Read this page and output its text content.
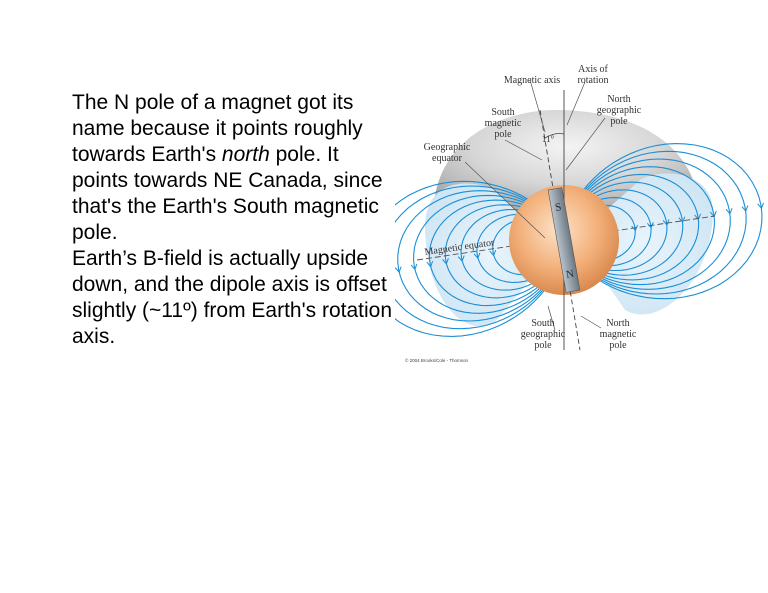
The N pole of a magnet got its name because it points roughly towards Earth's north pole. It points towards NE Canada, since that's the Earth's South magnetic pole.

Earth’s B-field is actually upside down, and the dipole axis is offset slightly (~11º) from Earth's rotation axis.

S
N
Axis of
rotation
Magnetic axis
North
geographic
pole
South
magnetic
pole	11°
Geographic
equator
Magnetic equator
South
geographic
pole
North
magnetic
pole
© 2004 Brooks/Cole - Thomson
